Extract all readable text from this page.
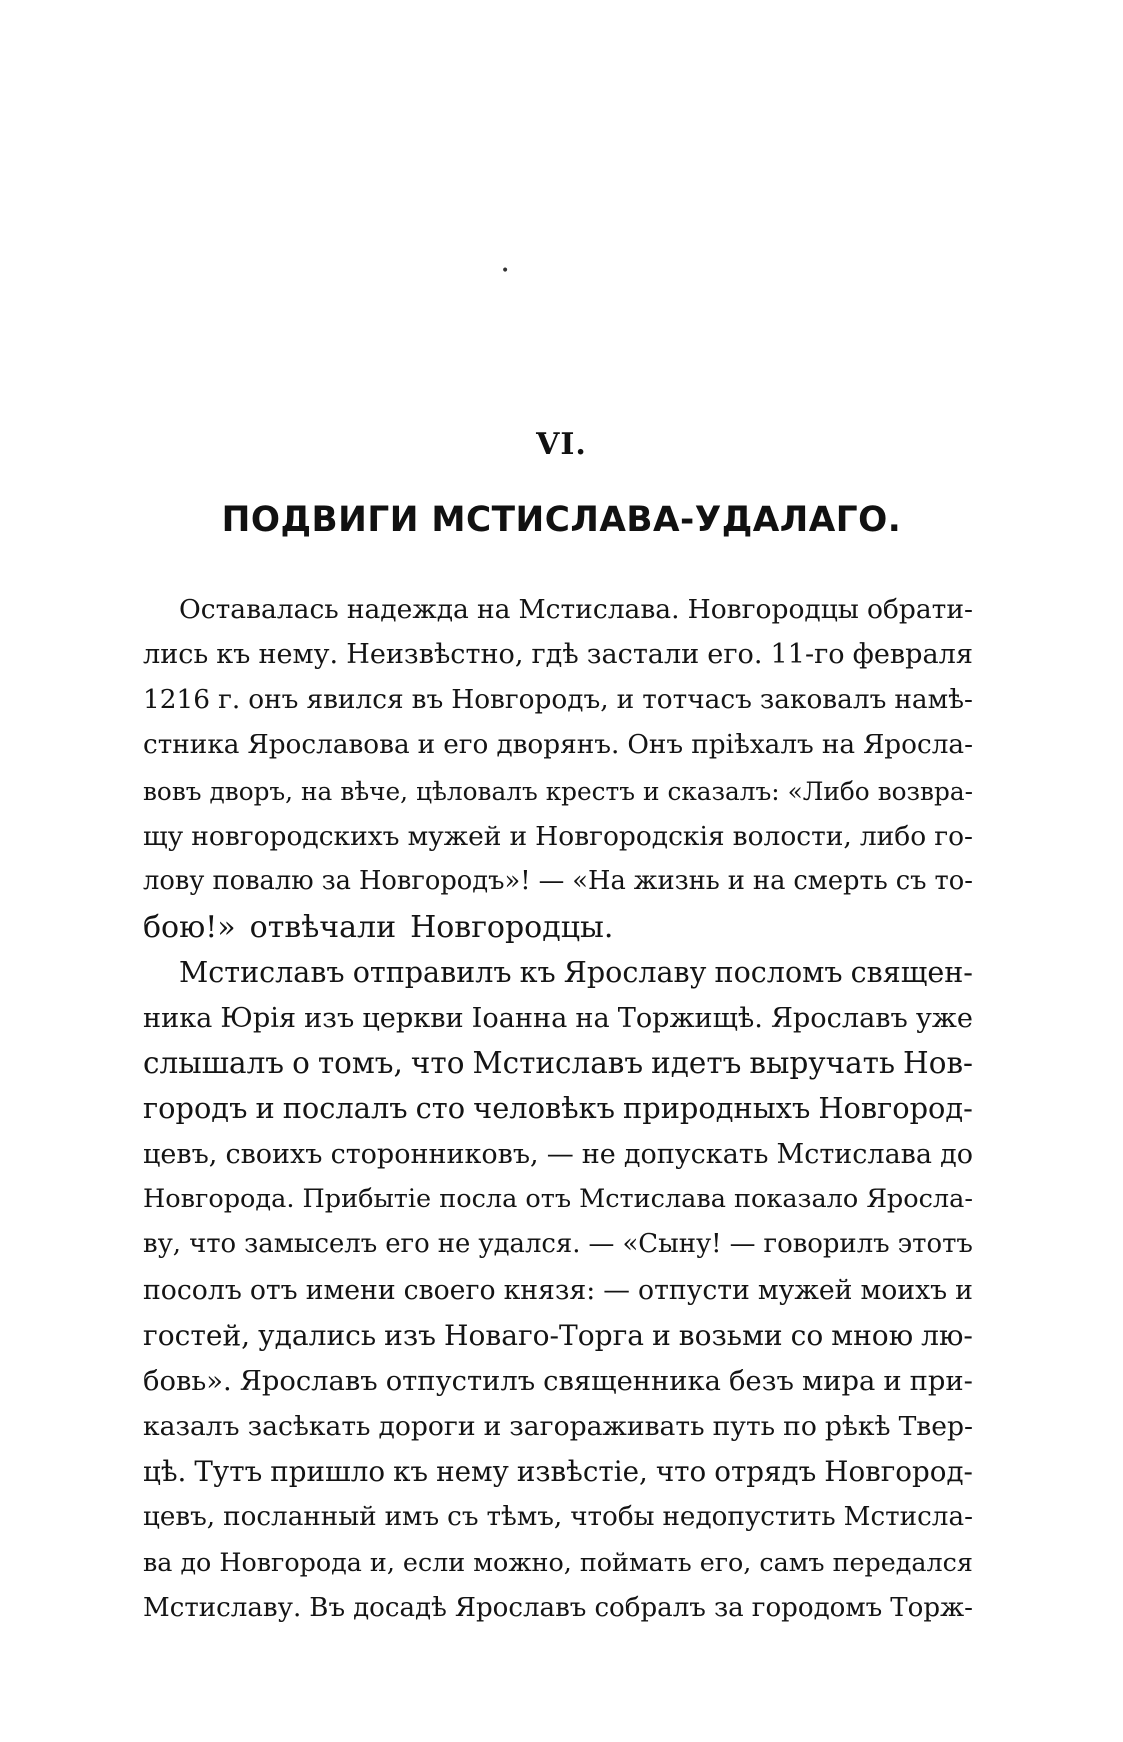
•
VI.
ПОДВИГИ МСТИСЛАВА-УДАЛАГО.
Оставалась надежда на Мстислава. Новгородцы обрати-
лись къ нему. Неизвѣстно, гдѣ застали его. 11-го февраля
1216 г. онъ явился въ Новгородъ, и тотчасъ заковалъ намѣ-
стника Ярославова и его дворянъ. Онъ пріѣхалъ на Яросла-
вовъ дворъ, на вѣче, цѣловалъ крестъ и сказалъ: «Либо возвра-
щу новгородскихъ мужей и Новгородскія волости, либо го-
лову повалю за Новгородъ»! — «На жизнь и на смерть съ то-
бою!» отвѣчали Новгородцы.
Мстиславъ отправилъ къ Ярославу посломъ священ-
ника Юрія изъ церкви Іоанна на Торжищѣ. Ярославъ уже
слышалъ о томъ, что Мстиславъ идетъ выручать Нов-
городъ и послалъ сто человѣкъ природныхъ Новгород-
цевъ, своихъ сторонниковъ, — не допускать Мстислава до
Новгорода. Прибытіе посла отъ Мстислава показало Яросла-
ву, что замыселъ его не удался. — «Сыну! — говорилъ этотъ
посолъ отъ имени своего князя: — отпусти мужей моихъ и
гостей, удались изъ Новаго-Торга и возьми со мною лю-
бовь». Ярославъ отпустилъ священника безъ мира и при-
казалъ засѣкать дороги и загораживать путь по рѣкѣ Твер-
цѣ. Тутъ пришло къ нему извѣстіе, что отрядъ Новгород-
цевъ, посланный имъ съ тѣмъ, чтобы недопустить Мстисла-
ва до Новгорода и, если можно, поймать его, самъ передался
Мстиславу. Въ досадѣ Ярославъ собралъ за городомъ Торж-
